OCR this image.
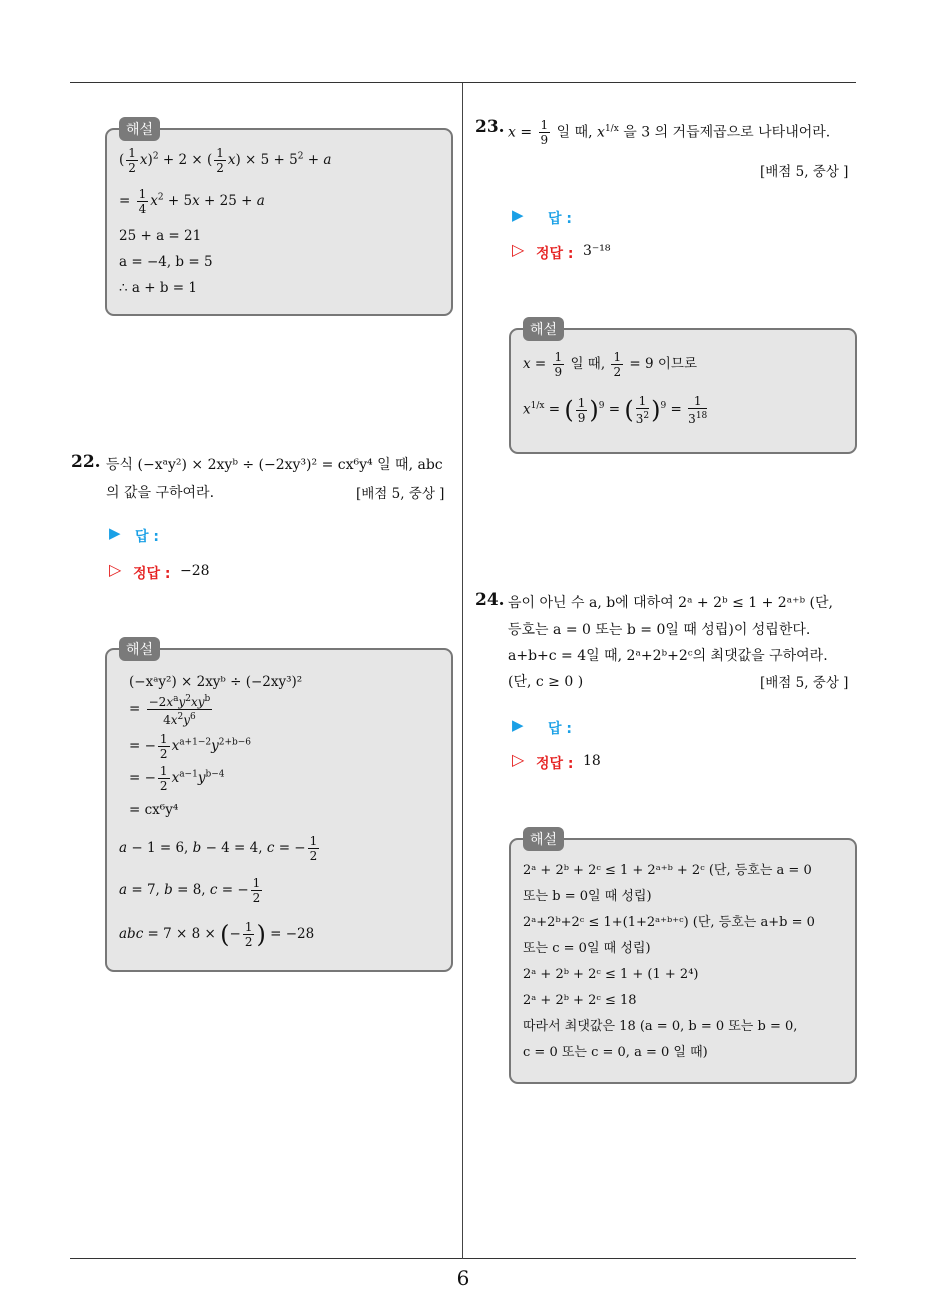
해설
( $\frac{1}{2} x)^2 + 2$ × ( $\frac{1}{2} x) \times 5 + 5^2 + a$
= $\frac{1}{4} x^2 + 5x + 25 + a$
25 + a = 21
a = −4, b = 5
∴ a + b = 1
22. 등식 (−xᵃy²) × 2xyᵇ ÷ (−2xy³)² = cx⁶y⁴ 일 때, abc
의 값을 구하여라.	[배점 5, 중상 ]
▶ 답 :
▷ 정답 : −28
해설
(−xᵃy²) × 2xyᵇ ÷ (−2xy³)²
= $\frac{-2x^ay^2xy^b}{4x^2y^6}$
= − $\frac{1}{2} x^{a+1-2}y^{2+b-6}$
= − $\frac{1}{2} x^{a-1}y^{b-4}$
= cx⁶y⁴
a − 1 = 6, b − 4 = 4, c = − $\frac{1}{2}$
a = 7, b = 8, c = − $\frac{1}{2}$
abc = 7 × 8 × (− $\frac{1}{2}$ ) = −28
23. $x = \frac{1}{9}$ 일 때, $x^{1/x}$ 을 3 의 거듭제곱으로 나타내어라.
[배점 5, 중상 ]
▶ 답 :
▷ 정답 : 3⁻¹⁸
해설
$x = \frac{1}{9}$ 일 때, $\frac{1}{2} = 9$ 이므로
$x^{1/x}$ = ( $\frac{1}{9} )^9$ = ( $\frac{1}{3^2} )^9 = \frac{1}{3^{18}}$
24. 음이 아닌 수 a, b에 대하여 2ᵃ + 2ᵇ ≤ 1 + 2ᵃ⁺ᵇ (단,
등호는 a = 0 또는 b = 0일 때 성립)이 성립한다.
a+b+c = 4일 때, 2ᵃ+2ᵇ+2ᶜ의 최댓값을 구하여라.
(단, c ≥ 0 )	[배점 5, 중상 ]
▶ 답 :
▷ 정답 : 18
해설
2ᵃ + 2ᵇ + 2ᶜ ≤ 1 + 2ᵃ⁺ᵇ + 2ᶜ (단, 등호는 a = 0
또는 b = 0일 때 성립)
2ᵃ+2ᵇ+2ᶜ ≤ 1+(1+2ᵃ⁺ᵇ⁺ᶜ) (단, 등호는 a+b = 0
또는 c = 0일 때 성립)
2ᵃ + 2ᵇ + 2ᶜ ≤ 1 + (1 + 2⁴)
2ᵃ + 2ᵇ + 2ᶜ ≤ 18
따라서 최댓값은 18 (a = 0, b = 0 또는 b = 0,
c = 0 또는 c = 0, a = 0 일 때)
6
